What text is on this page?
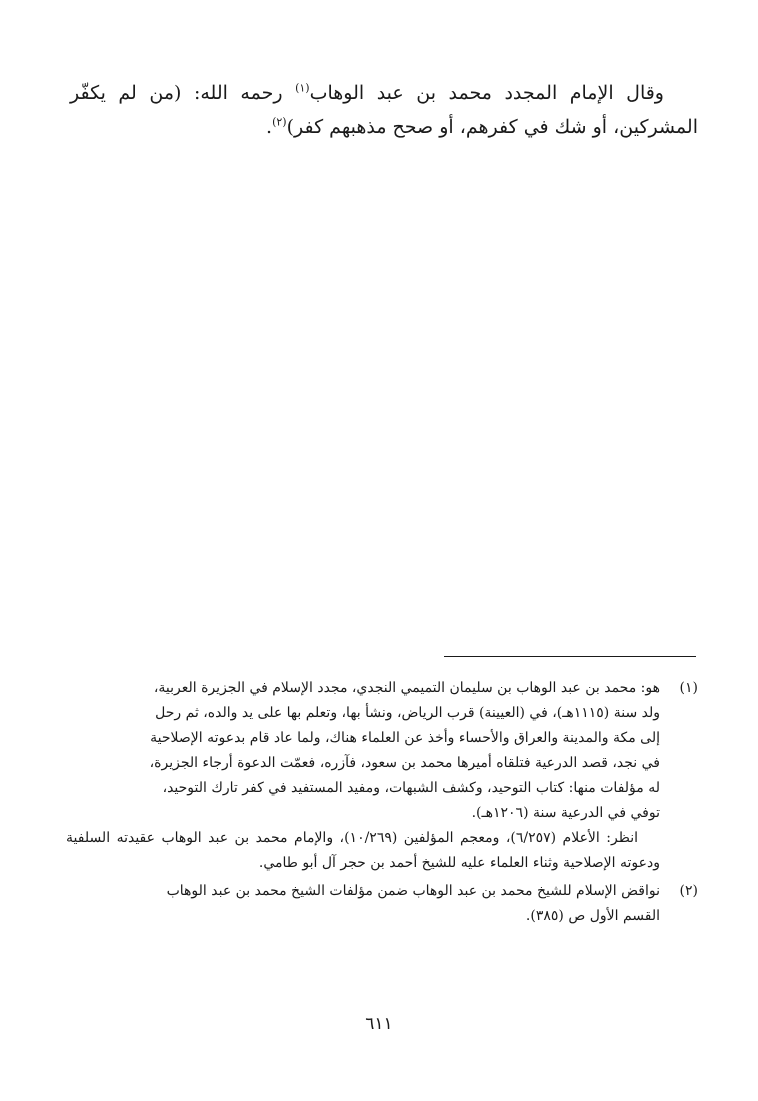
وقال الإمام المجدد محمد بن عبد الوهاب$^{(١)}$ رحمه الله: (من لم يكفّر المشركين، أو شك في كفرهم، أو صحح مذهبهم كفر)$^{(٢)}$.

(١)
هو: محمد بن عبد الوهاب بن سليمان التميمي النجدي، مجدد الإسلام في الجزيرة العربية،
ولد سنة (١١١٥هـ)، في (العيينة) قرب الرياض، ونشأ بها، وتعلم بها على يد والده، ثم رحل
إلى مكة والمدينة والعراق والأحساء وأخذ عن العلماء هناك، ولما عاد قام بدعوته الإصلاحية
في نجد، قصد الدرعية فتلقاه أميرها محمد بن سعود، فآزره، فعمّت الدعوة أرجاء الجزيرة،
له مؤلفات منها: كتاب التوحيد، وكشف الشبهات، ومفيد المستفيد في كفر تارك التوحيد،
توفي في الدرعية سنة (١٢٠٦هـ).
انظر: الأعلام (٦/٢٥٧)، ومعجم المؤلفين (١٠/٢٦٩)، والإمام محمد بن عبد الوهاب عقيدته السلفية ودعوته الإصلاحية وثناء العلماء عليه للشيخ أحمد بن حجر آل أبو طامي.
(٢)
نواقض الإسلام للشيخ محمد بن عبد الوهاب ضمن مؤلفات الشيخ محمد بن عبد الوهاب
القسم الأول ص (٣٨٥).
٦١١
